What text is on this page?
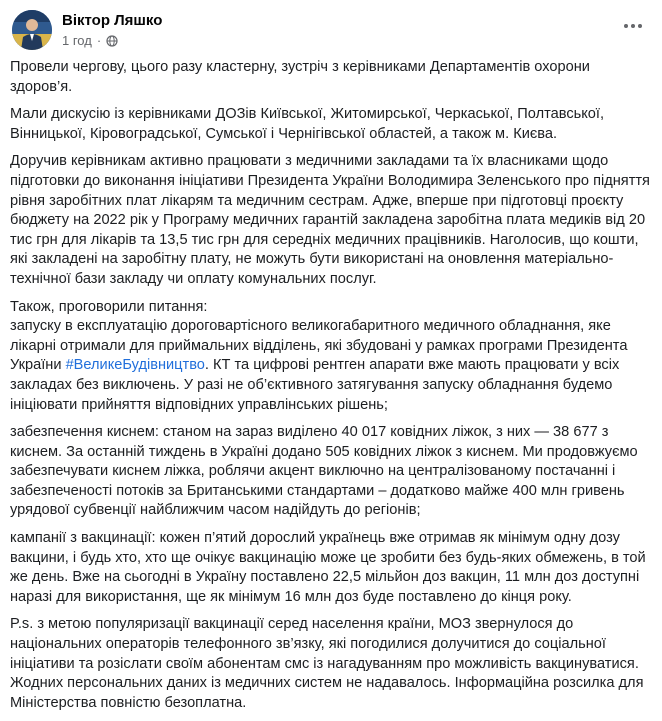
Віктор Ляшко
1 год ·

Провели чергову, цього разу кластерну, зустріч з керівниками Департаментів охорони здоров’я.

Мали дискусію із керівниками ДОЗів Київської, Житомирської, Черкаської, Полтавської, Вінницької, Кіровоградської, Сумської і Чернігівської областей, а також м. Києва.

Доручив керівникам активно працювати з медичними закладами та їх власниками щодо підготовки до виконання ініціативи Президента України Володимира Зеленського про підняття рівня заробітних плат лікарям та медичним сестрам. Адже, вперше при підготовці проєкту бюджету на 2022 рік у Програму медичних гарантій закладена заробітна плата медиків від 20 тис грн для лікарів та 13,5 тис грн для середніх медичних працівників. Наголосив, що кошти, які закладені на заробітну плату, не можуть бути використані на оновлення матеріально-технічної бази закладу чи оплату комунальних послуг.

Також, проговорили питання:
запуску в експлуатацію дороговартісного великогабаритного медичного обладнання, яке лікарні отримали для приймальних відділень, які збудовані у рамках програми Президента України #ВеликеБудівництво. КТ та цифрові рентген апарати вже мають працювати у всіх закладах без виключень. У разі не об’єктивного затягування запуску обладнання будемо ініціювати прийняття відповідних управлінських рішень;

забезпечення киснем: станом на зараз виділено 40 017 ковідних ліжок, з них — 38 677 з киснем. За останній тиждень в Україні додано 505 ковідних ліжок з киснем. Ми продовжуємо забезпечувати киснем ліжка, роблячи акцент виключно на централізованому постачанні і забезпеченості потоків за Британськими стандартами – додатково майже 400 млн гривень урядової субвенції найближчим часом надійдуть до регіонів;

кампанії з вакцинації: кожен п’ятий дорослий українець вже отримав як мінімум одну дозу вакцини, і будь хто, хто ще очікує вакцинацію може це зробити без будь-яких обмежень, в той же день. Вже на сьогодні в Україну поставлено 22,5 мільйон доз вакцин, 11 млн доз доступні наразі для використання, ще як мінімум 16 млн доз буде поставлено до кінця року.

P.s. з метою популяризації вакцинації серед населення країни, МОЗ звернулося до національних операторів телефонного зв’язку, які погодилися долучитися до соціальної ініціативи та розіслати своїм абонентам смс із нагадуванням про можливість вакцинуватися. Жодних персональних даних із медичних систем не надавалось. Інформаційна розсилка для Міністерства повністю безоплатна.
